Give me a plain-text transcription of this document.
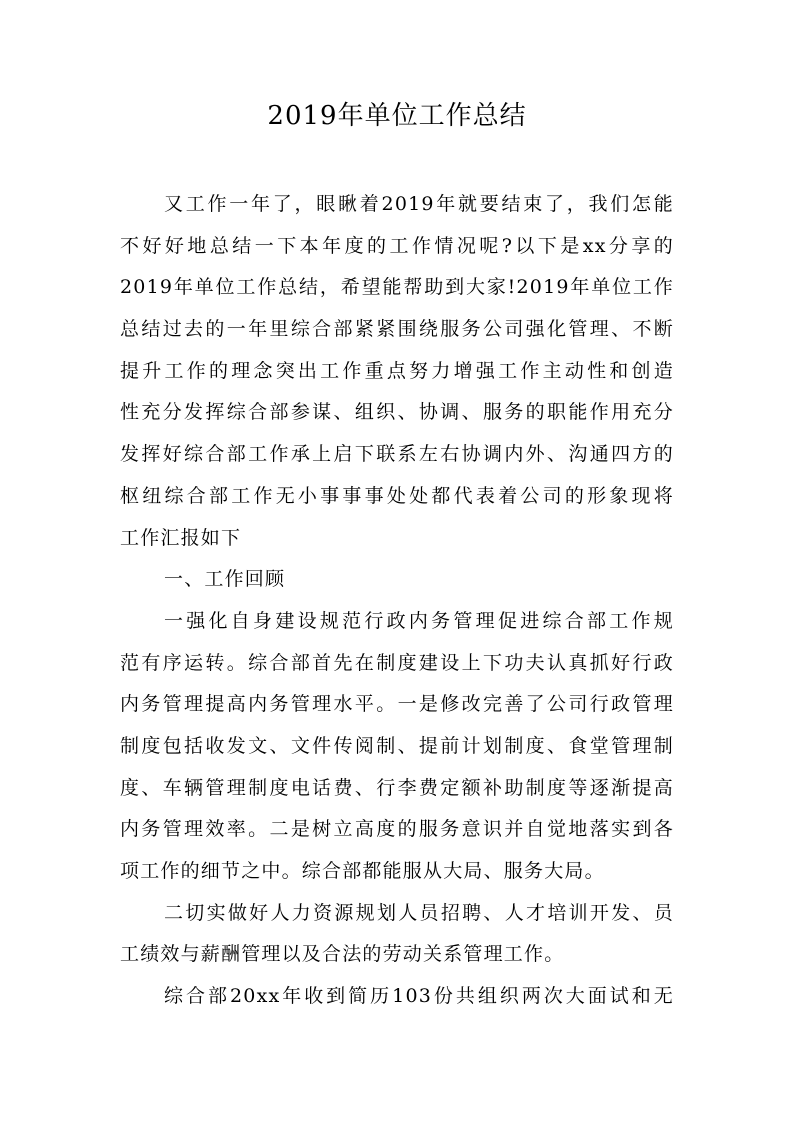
2019年单位工作总结
又工作一年了，眼瞅着2019年就要结束了，我们怎能
不好好地总结一下本年度的工作情况呢?以下是xx分享的
2019年单位工作总结，希望能帮助到大家!2019年单位工作
总结过去的一年里综合部紧紧围绕服务公司强化管理、不断
提升工作的理念突出工作重点努力增强工作主动性和创造
性充分发挥综合部参谋、组织、协调、服务的职能作用充分
发挥好综合部工作承上启下联系左右协调内外、沟通四方的
枢纽综合部工作无小事事事处处都代表着公司的形象现将
工作汇报如下
一、工作回顾
一强化自身建设规范行政内务管理促进综合部工作规
范有序运转。综合部首先在制度建设上下功夫认真抓好行政
内务管理提高内务管理水平。一是修改完善了公司行政管理
制度包括收发文、文件传阅制、提前计划制度、食堂管理制
度、车辆管理制度电话费、行李费定额补助制度等逐渐提高
内务管理效率。二是树立高度的服务意识并自觉地落实到各
项工作的细节之中。综合部都能服从大局、服务大局。
二切实做好人力资源规划人员招聘、人才培训开发、员
工绩效与薪酬管理以及合法的劳动关系管理工作。
综合部20xx年收到简历103份共组织两次大面试和无
